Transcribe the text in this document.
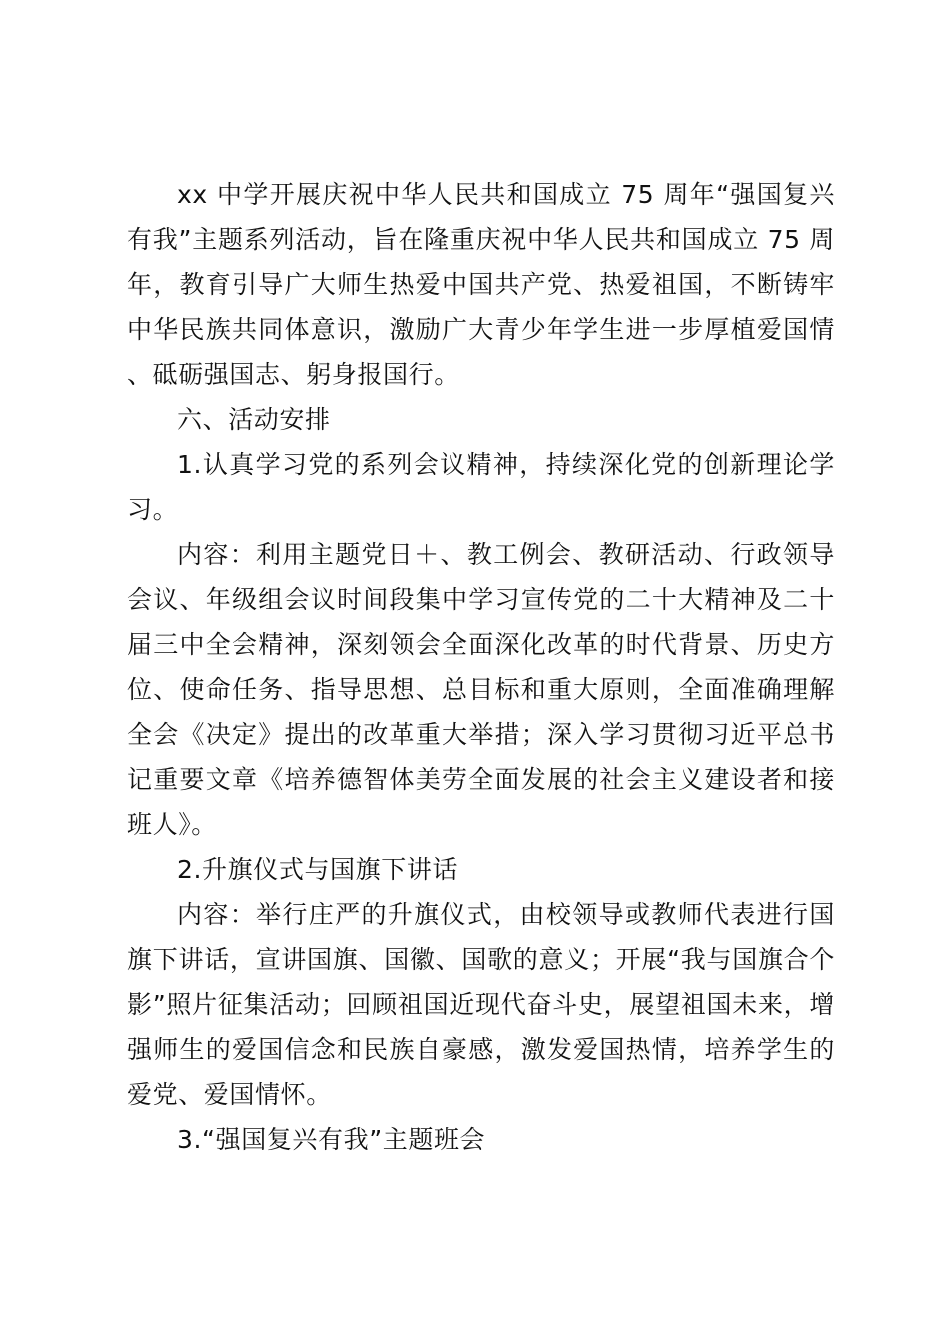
xx 中学开展庆祝中华人民共和国成立 75 周年“强国复兴有我”主题系列活动，旨在隆重庆祝中华人民共和国成立 75 周年，教育引导广大师生热爱中国共产党、热爱祖国，不断铸牢中华民族共同体意识，激励广大青少年学生进一步厚植爱国情、砥砺强国志、躬身报国行。

六、活动安排

1.认真学习党的系列会议精神，持续深化党的创新理论学习。

内容：利用主题党日＋、教工例会、教研活动、行政领导会议、年级组会议时间段集中学习宣传党的二十大精神及二十届三中全会精神，深刻领会全面深化改革的时代背景、历史方位、使命任务、指导思想、总目标和重大原则，全面准确理解全会《决定》提出的改革重大举措；深入学习贯彻习近平总书记重要文章《培养德智体美劳全面发展的社会主义建设者和接班人》。

2.升旗仪式与国旗下讲话

内容：举行庄严的升旗仪式，由校领导或教师代表进行国旗下讲话，宣讲国旗、国徽、国歌的意义；开展“我与国旗合个影”照片征集活动；回顾祖国近现代奋斗史，展望祖国未来，增强师生的爱国信念和民族自豪感，激发爱国热情，培养学生的爱党、爱国情怀。

3.“强国复兴有我”主题班会
